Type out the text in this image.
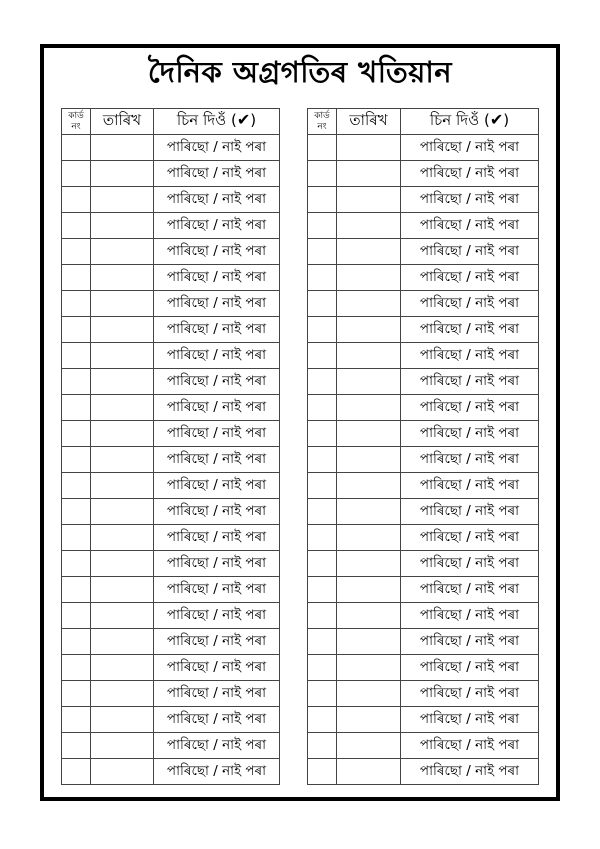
দৈনিক অগ্রগতিৰ খতিয়ান
কাৰ্ড
নং	তাৰিখ	চিন দিওঁ (✔)
		পাৰিছো / নাই পৰা
		পাৰিছো / নাই পৰা
		পাৰিছো / নাই পৰা
		পাৰিছো / নাই পৰা
		পাৰিছো / নাই পৰা
		পাৰিছো / নাই পৰা
		পাৰিছো / নাই পৰা
		পাৰিছো / নাই পৰা
		পাৰিছো / নাই পৰা
		পাৰিছো / নাই পৰা
		পাৰিছো / নাই পৰা
		পাৰিছো / নাই পৰা
		পাৰিছো / নাই পৰা
		পাৰিছো / নাই পৰা
		পাৰিছো / নাই পৰা
		পাৰিছো / নাই পৰা
		পাৰিছো / নাই পৰা
		পাৰিছো / নাই পৰা
		পাৰিছো / নাই পৰা
		পাৰিছো / নাই পৰা
		পাৰিছো / নাই পৰা
		পাৰিছো / নাই পৰা
		পাৰিছো / নাই পৰা
		পাৰিছো / নাই পৰা
		পাৰিছো / নাই পৰা
কাৰ্ড
নং	তাৰিখ	চিন দিওঁ (✔)
		পাৰিছো / নাই পৰা
		পাৰিছো / নাই পৰা
		পাৰিছো / নাই পৰা
		পাৰিছো / নাই পৰা
		পাৰিছো / নাই পৰা
		পাৰিছো / নাই পৰা
		পাৰিছো / নাই পৰা
		পাৰিছো / নাই পৰা
		পাৰিছো / নাই পৰা
		পাৰিছো / নাই পৰা
		পাৰিছো / নাই পৰা
		পাৰিছো / নাই পৰা
		পাৰিছো / নাই পৰা
		পাৰিছো / নাই পৰা
		পাৰিছো / নাই পৰা
		পাৰিছো / নাই পৰা
		পাৰিছো / নাই পৰা
		পাৰিছো / নাই পৰা
		পাৰিছো / নাই পৰা
		পাৰিছো / নাই পৰা
		পাৰিছো / নাই পৰা
		পাৰিছো / নাই পৰা
		পাৰিছো / নাই পৰা
		পাৰিছো / নাই পৰা
		পাৰিছো / নাই পৰা
